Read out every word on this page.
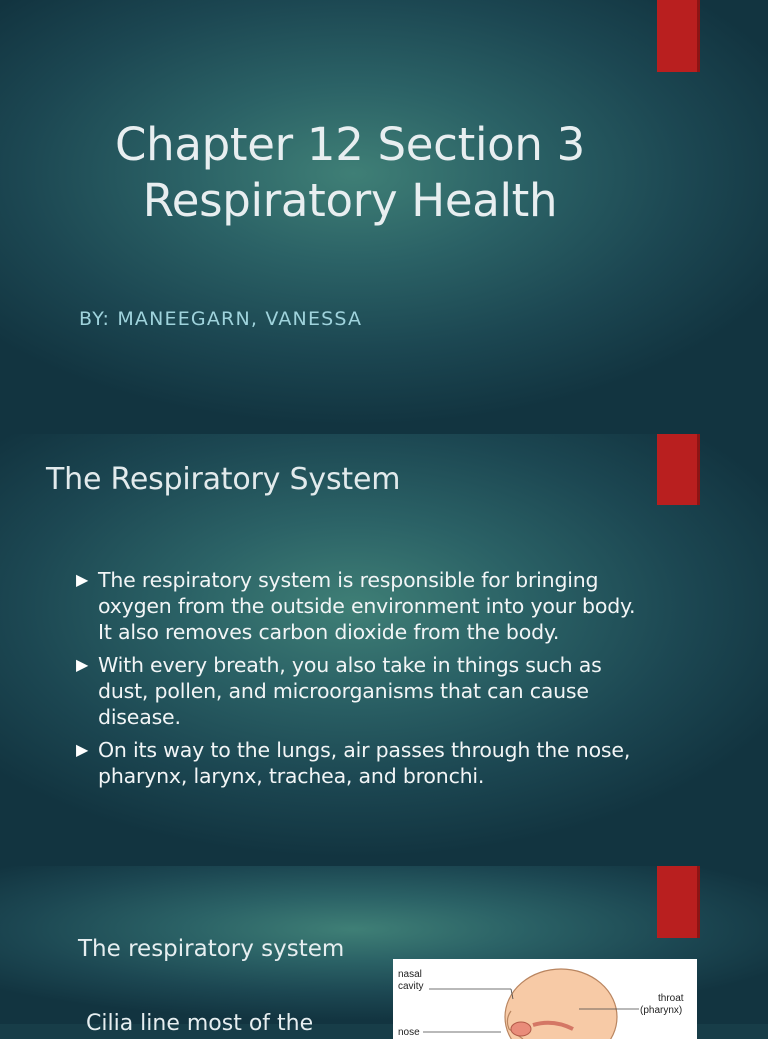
Chapter 12 Section 3
Respiratory Health
BY: MANEEGARN, VANESSA
The Respiratory System
▶ The respiratory system is responsible for bringing oxygen from the outside environment into your body. It also removes carbon dioxide from the body.
▶ With every breath, you also take in things such as dust, pollen, and microorganisms that can cause disease.
▶ On its way to the lungs, air passes through the nose, pharynx, larynx, trachea, and bronchi.
The respiratory system
Cilia line most of the
nasal
cavity
throat
(pharynx)
nose
